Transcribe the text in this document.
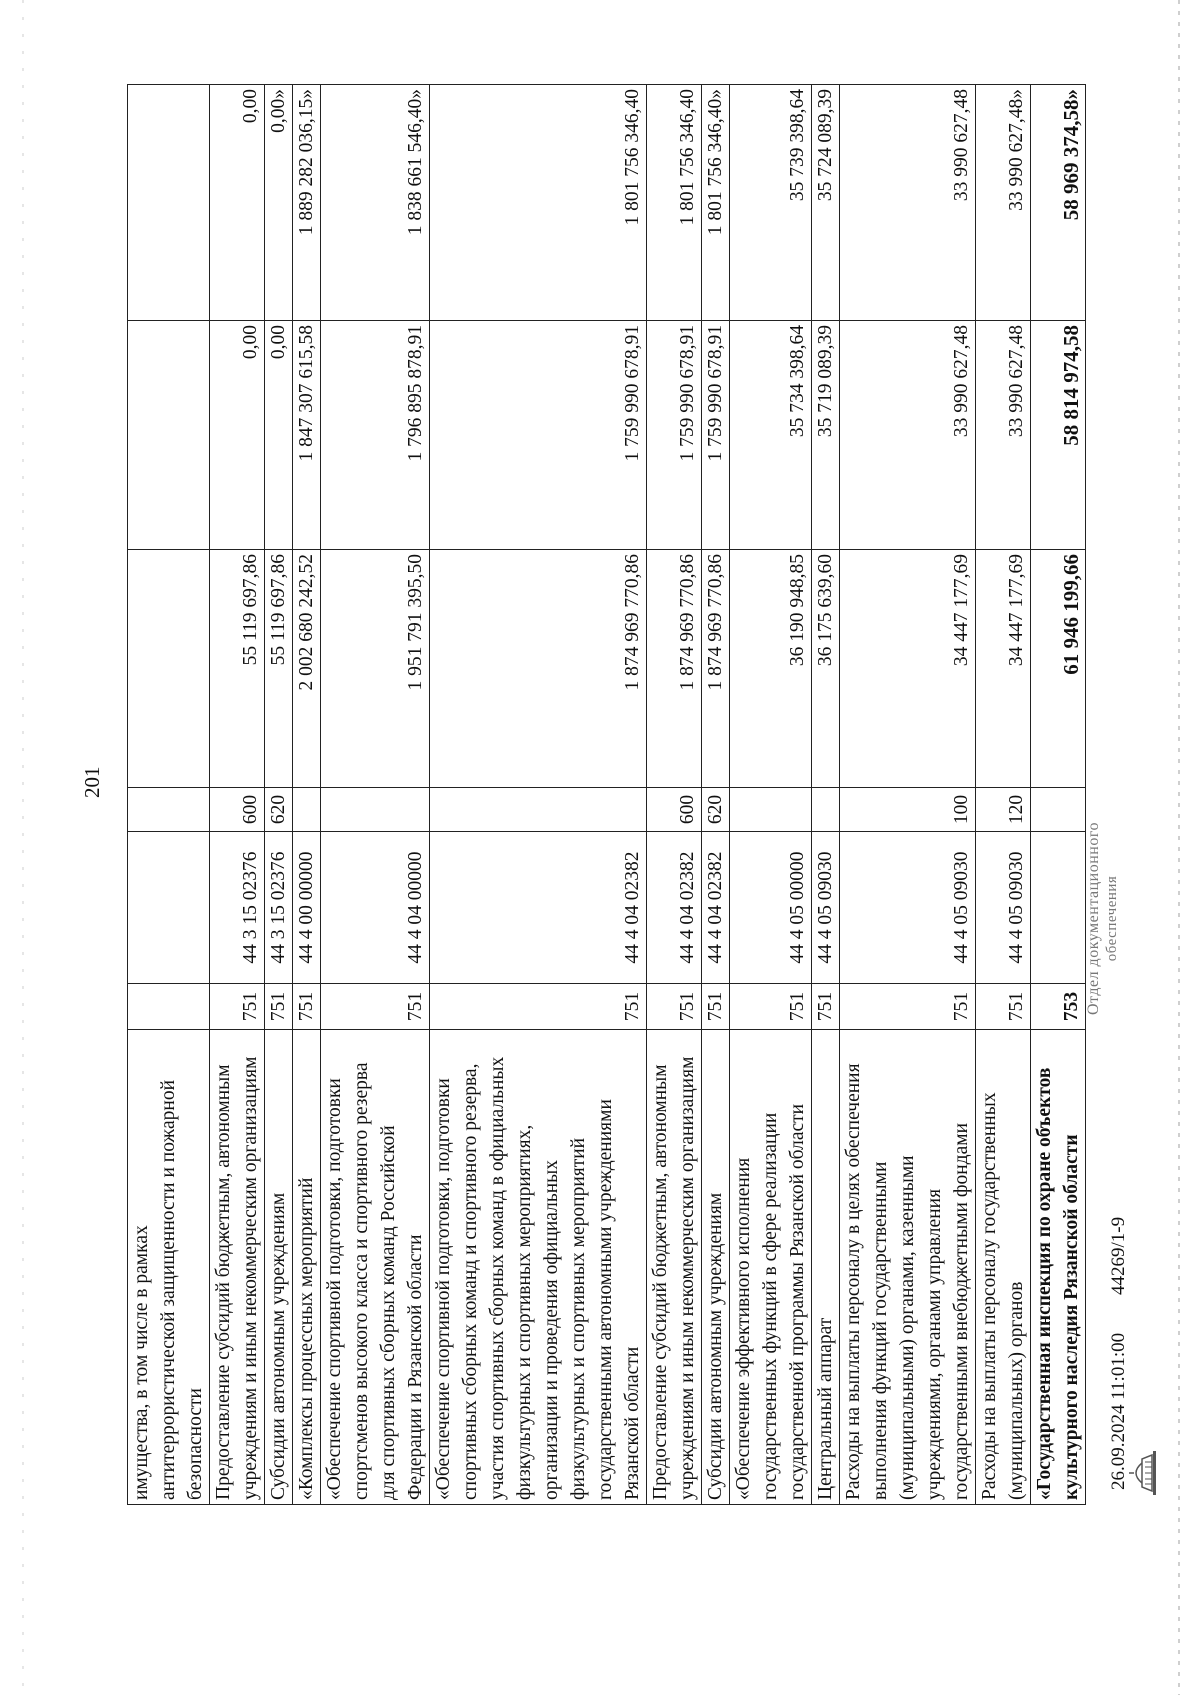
201
имущества, в том числе в рамках антитеррористической защищенности и пожарной безопасности						
Предоставление субсидий бюджетным, автономным учреждениям и иным некоммерческим организациям	751	44 3 15 02376	600	55 119 697,86	0,00	0,00
Субсидии автономным учреждениям	751	44 3 15 02376	620	55 119 697,86	0,00	0,00»
«Комплексы процессных мероприятий	751	44 4 00 00000		2 002 680 242,52	1 847 307 615,58	1 889 282 036,15»
«Обеспечение спортивной подготовки, подготовки спортсменов высокого класса и спортивного резерва для спортивных сборных команд Российской Федерации и Рязанской области	751	44 4 04 00000		1 951 791 395,50	1 796 895 878,91	1 838 661 546,40»
«Обеспечение спортивной подготовки, подготовки спортивных сборных команд и спортивного резерва, участия спортивных сборных команд в официальных физкультурных и спортивных мероприятиях, организации и проведения официальных физкультурных и спортивных мероприятий государственными автономными учреждениями Рязанской области	751	44 4 04 02382		1 874 969 770,86	1 759 990 678,91	1 801 756 346,40
Предоставление субсидий бюджетным, автономным учреждениям и иным некоммерческим организациям	751	44 4 04 02382	600	1 874 969 770,86	1 759 990 678,91	1 801 756 346,40
Субсидии автономным учреждениям	751	44 4 04 02382	620	1 874 969 770,86	1 759 990 678,91	1 801 756 346,40»
«Обеспечение эффективного исполнения государственных функций в сфере реализации государственной программы Рязанской области	751	44 4 05 00000		36 190 948,85	35 734 398,64	35 739 398,64
Центральный аппарат	751	44 4 05 09030		36 175 639,60	35 719 089,39	35 724 089,39
Расходы на выплаты персоналу в целях обеспечения выполнения функций государственными (муниципальными) органами, казенными учреждениями, органами управления государственными внебюджетными фондами	751	44 4 05 09030	100	34 447 177,69	33 990 627,48	33 990 627,48
Расходы на выплаты персоналу государственных (муниципальных) органов	751	44 4 05 09030	120	34 447 177,69	33 990 627,48	33 990 627,48»
«Государственная инспекция по охране объектов культурного наследия Рязанской области	753			61 946 199,66	58 814 974,58	58 969 374,58»
26.09.2024 11:01:00
44269/1-9
Отдел документационного обеспечения
